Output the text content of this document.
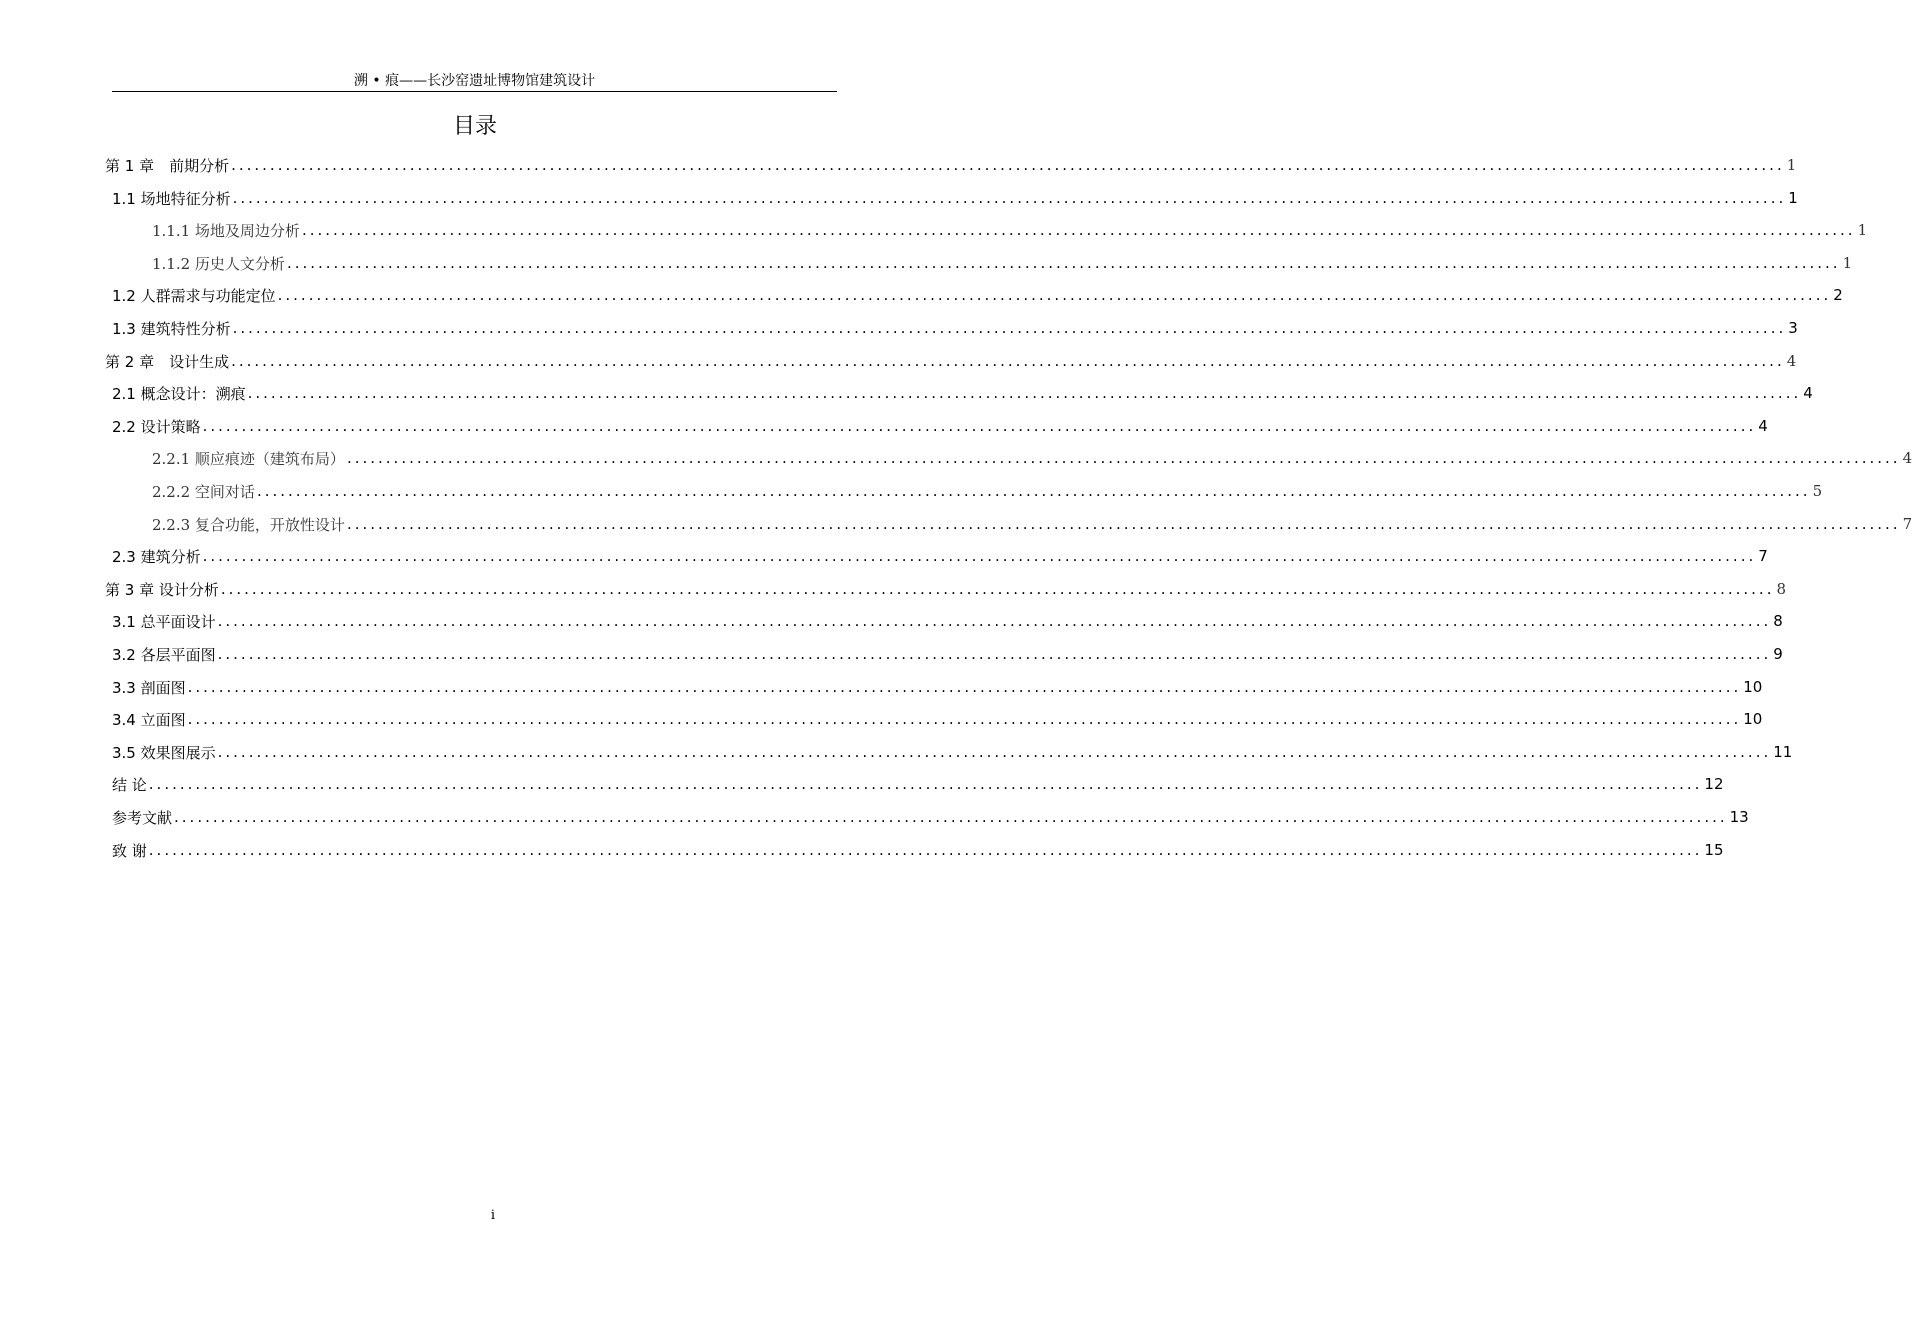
溯 • 痕——长沙窑遗址博物馆建筑设计
目录
第 1 章　前期分析 ........................................................................................................................................................................................................ 1
1.1 场地特征分析 ........................................................................................................................................................................................................ 1
1.1.1 场地及周边分析 ........................................................................................................................................................................................................ 1
1.1.2 历史人文分析 ........................................................................................................................................................................................................ 1
1.2 人群需求与功能定位 ........................................................................................................................................................................................................ 2
1.3 建筑特性分析 ........................................................................................................................................................................................................ 3
第 2 章　设计生成 ........................................................................................................................................................................................................ 4
2.1 概念设计：溯痕 ........................................................................................................................................................................................................ 4
2.2 设计策略 ........................................................................................................................................................................................................ 4
2.2.1 顺应痕迹（建筑布局） ........................................................................................................................................................................................................ 4
2.2.2 空间对话 ........................................................................................................................................................................................................ 5
2.2.3 复合功能，开放性设计 ........................................................................................................................................................................................................ 7
2.3 建筑分析 ........................................................................................................................................................................................................ 7
第 3 章 设计分析 ........................................................................................................................................................................................................ 8
3.1 总平面设计 ........................................................................................................................................................................................................ 8
3.2 各层平面图 ........................................................................................................................................................................................................ 9
3.3 剖面图 ........................................................................................................................................................................................................ 10
3.4 立面图 ........................................................................................................................................................................................................ 10
3.5 效果图展示 ........................................................................................................................................................................................................ 11
结 论 ........................................................................................................................................................................................................ 12
参考文献 ........................................................................................................................................................................................................ 13
致 谢 ........................................................................................................................................................................................................ 15
i
